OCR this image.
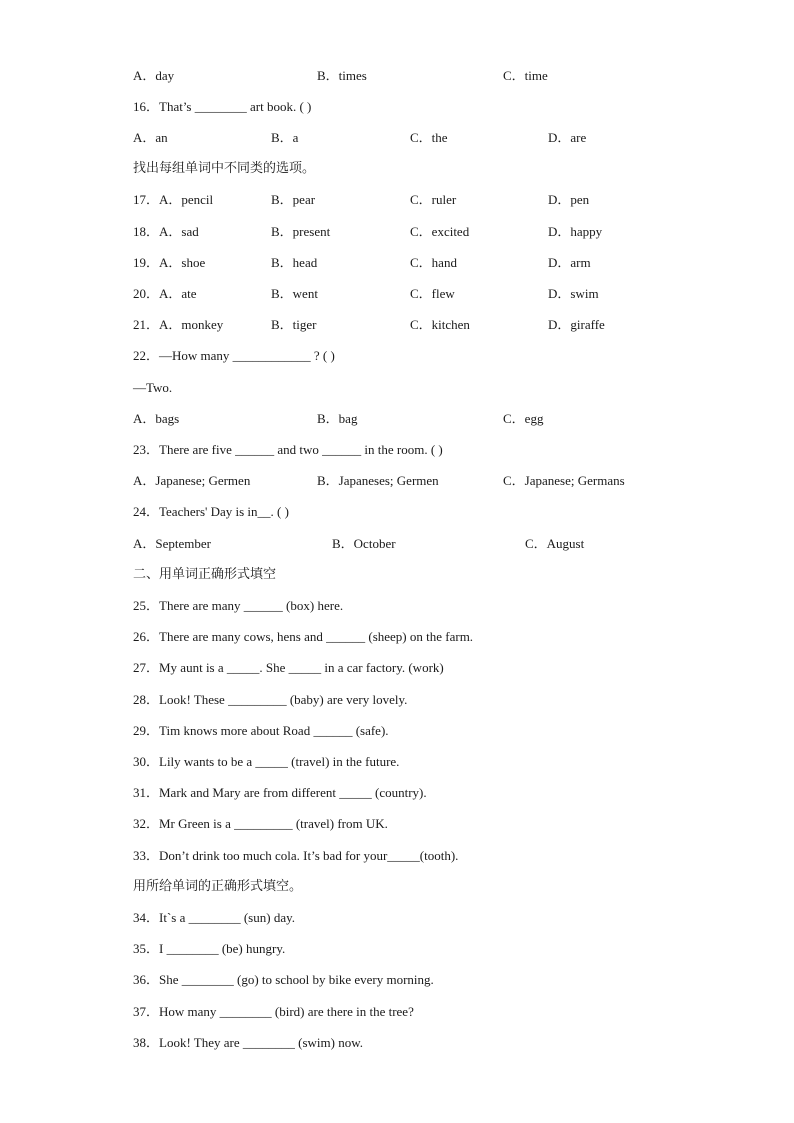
A．day	B．times	C．time
16．That’s ________ art book. ( )
A．an	B．a	C．the	D．are
找出每组单词中不同类的选项。
17．A．pencil	B．pear	C．ruler	D．pen
18．A．sad	B．present	C．excited	D．happy
19．A．shoe	B．head	C．hand	D．arm
20．A．ate	B．went	C．flew	D．swim
21．A．monkey	B．tiger	C．kitchen	D．giraffe
22．—How many ____________ ? ( )
—Two.
A．bags	B．bag	C．egg
23．There are five ______ and two ______ in the room. ( )
A．Japanese; Germen	B．Japaneses; Germen	C．Japanese; Germans
24．Teachers' Day is in__. ( )
A．September	B．October	C．August
二、用单词正确形式填空
25．There are many ______ (box) here.
26．There are many cows, hens and ______ (sheep) on the farm.
27．My aunt is a _____. She _____ in a car factory. (work)
28．Look! These _________ (baby) are very lovely.
29．Tim knows more about Road ______ (safe).
30．Lily wants to be a _____ (travel) in the future.
31．Mark and Mary are from different _____ (country).
32．Mr Green is a _________ (travel) from UK.
33．Don’t drink too much cola. It’s bad for your_____(tooth).
用所给单词的正确形式填空。
34．It`s a ________ (sun) day.
35．I ________ (be) hungry.
36．She ________ (go) to school by bike every morning.
37．How many ________ (bird) are there in the tree?
38．Look! They are ________ (swim) now.
